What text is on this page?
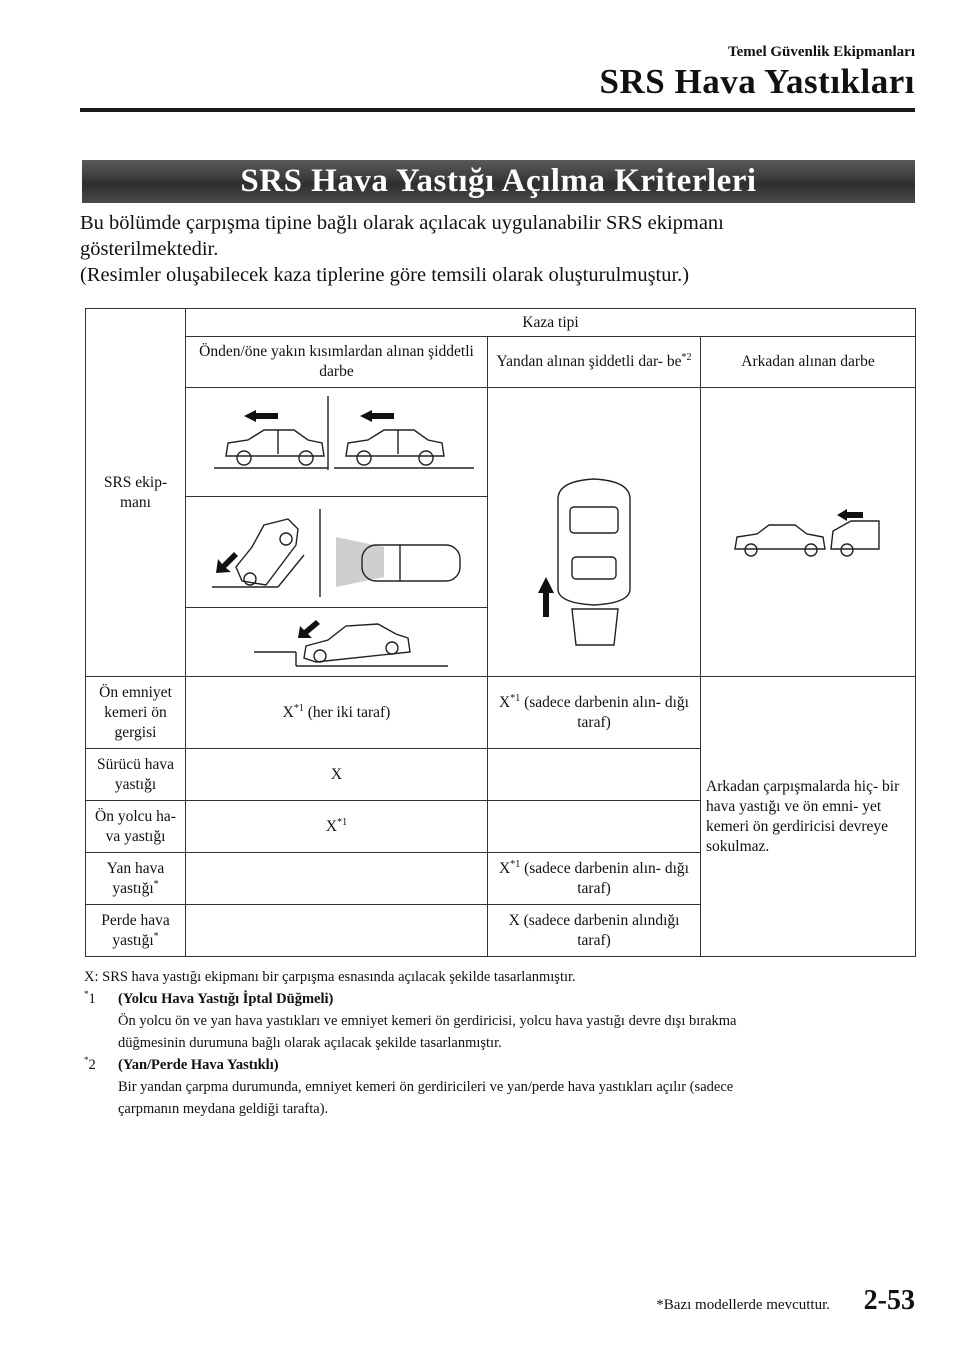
Temel Güvenlik Ekipmanları
SRS Hava Yastıkları
SRS Hava Yastığı Açılma Kriterleri

Bu bölümde çarpışma tipine bağlı olarak açılacak uygulanabilir SRS ekipmanı

gösterilmektedir.

(Resimler oluşabilecek kaza tiplerine göre temsili olarak oluşturulmuştur.)

SRS ekip- manı	Kaza tipi		
	Önden/öne yakın kısımlardan alınan şiddetli darbe	Yandan alınan şiddetli dar- $be^{*2}$	Arkadan alınan darbe

Ön emniyet kemeri ön gergisi	$X^{*1}$ (her iki taraf)	$X^{*1}$ (sadece darbenin alın- dığı taraf)	Arkadan çarpışmalarda hiç- bir hava yastığı ve ön emni- yet kemeri ön gerdiricisi devreye sokulmaz.
Sürücü hava yastığı	X		
Ön yolcu ha- va yastığı	$X^{*1}$	
Yan hava yastığı*		$X^{*1}$ (sadece darbenin alın- dığı taraf)	
Perde hava yastığı*		X (sadece darbenin alındığı taraf)	

X: SRS hava yastığı ekipmanı bir çarpışma esnasında açılacak şekilde tasarlanmıştır.

*1 (Yolcu Hava Yastığı İptal Düğmeli)

Ön yolcu ön ve yan hava yastıkları ve emniyet kemeri ön gerdiricisi, yolcu hava yastığı devre dışı bırakma

düğmesinin durumuna bağlı olarak açılacak şekilde tasarlanmıştır.

*2 (Yan/Perde Hava Yastıklı)

Bir yandan çarpma durumunda, emniyet kemeri ön gerdiricileri ve yan/perde hava yastıkları açılır (sadece

çarpmanın meydana geldiği tarafta).

*Bazı modellerde mevcuttur. 2-53
